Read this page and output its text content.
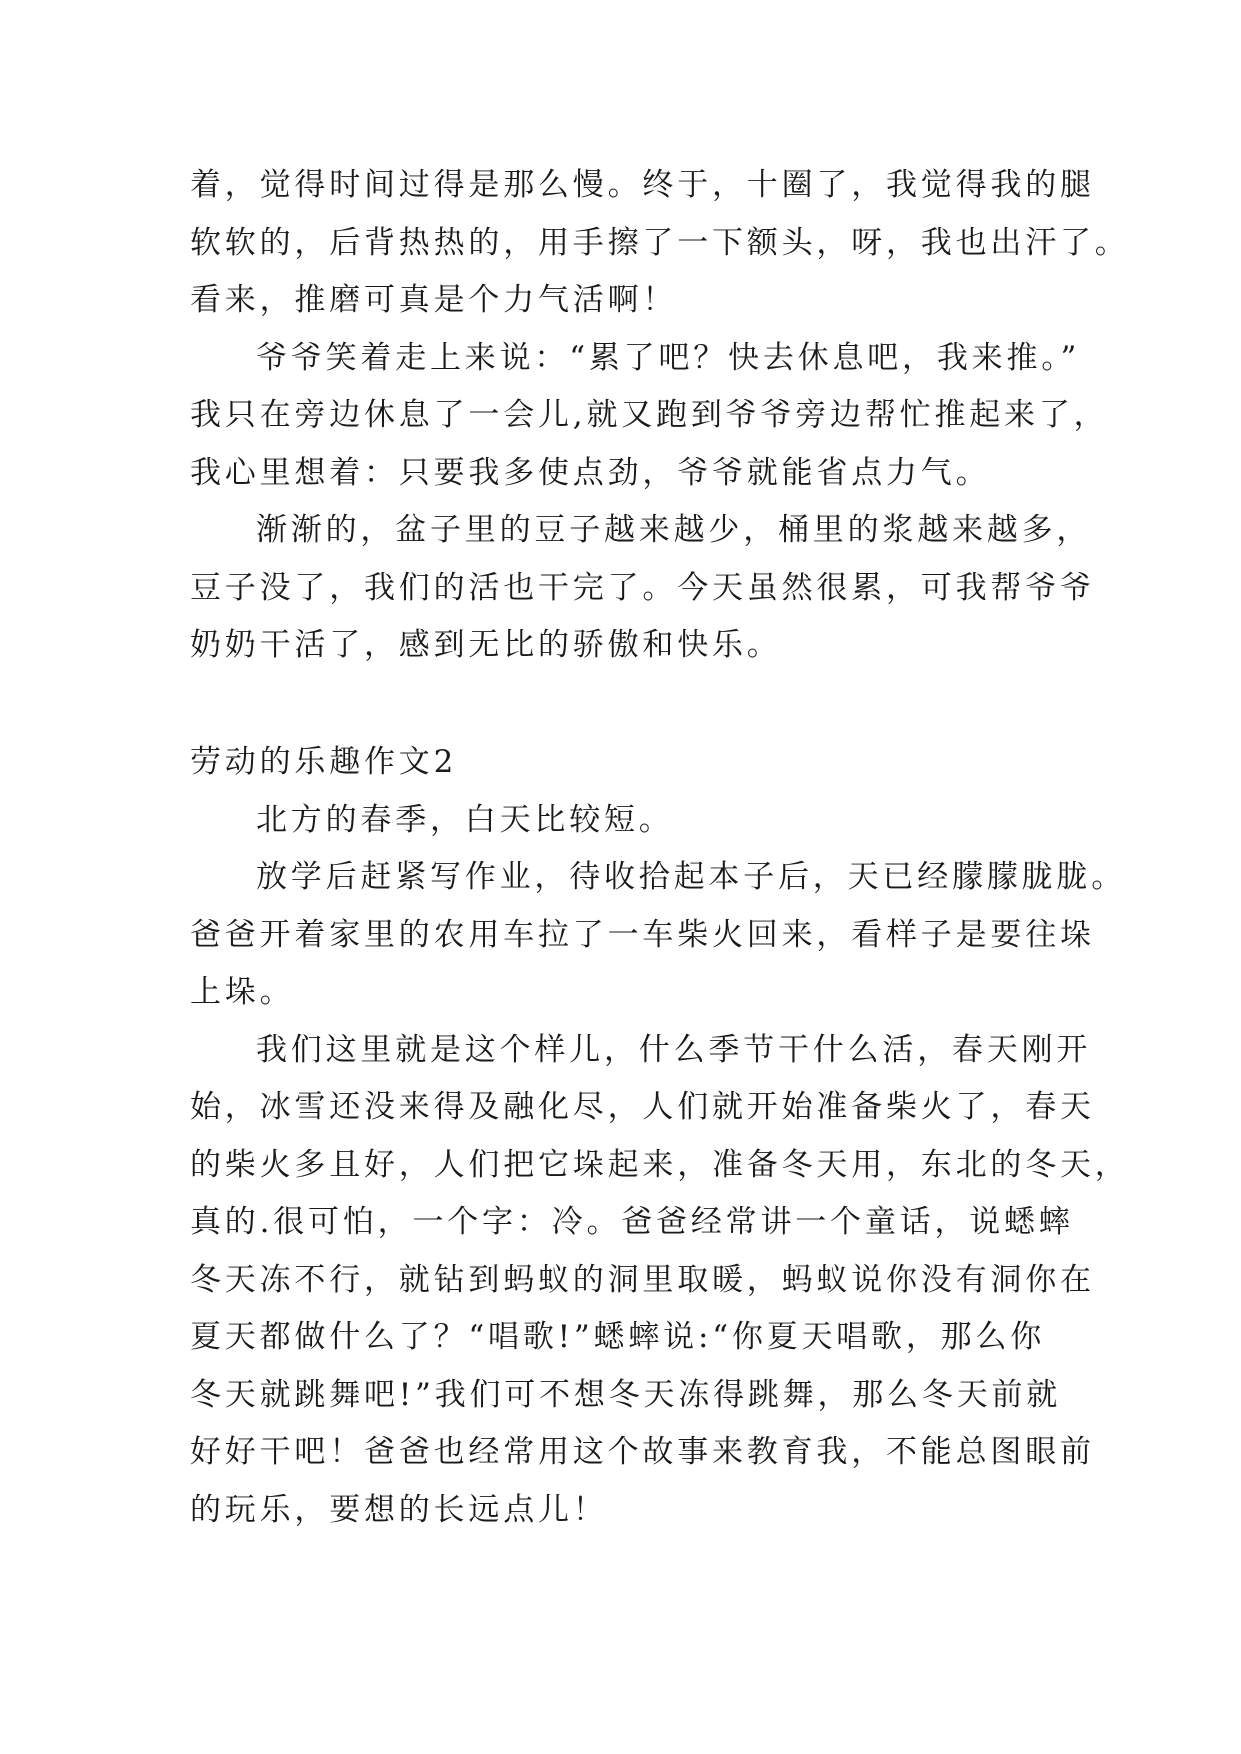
着，觉得时间过得是那么慢。终于，十圈了，我觉得我的腿
软软的，后背热热的，用手擦了一下额头，呀，我也出汗了。
看来，推磨可真是个力气活啊！

爷爷笑着走上来说：“累了吧？快去休息吧，我来推。”
我只在旁边休息了一会儿,就又跑到爷爷旁边帮忙推起来了，
我心里想着：只要我多使点劲，爷爷就能省点力气。

渐渐的，盆子里的豆子越来越少，桶里的浆越来越多，
豆子没了，我们的活也干完了。今天虽然很累，可我帮爷爷
奶奶干活了，感到无比的骄傲和快乐。

劳动的乐趣作文2

北方的春季，白天比较短。

放学后赶紧写作业，待收拾起本子后，天已经朦朦胧胧。
爸爸开着家里的农用车拉了一车柴火回来，看样子是要往垛
上垛。

我们这里就是这个样儿，什么季节干什么活，春天刚开
始，冰雪还没来得及融化尽，人们就开始准备柴火了，春天
的柴火多且好，人们把它垛起来，准备冬天用，东北的冬天，
真的.很可怕，一个字：冷。爸爸经常讲一个童话，说蟋蟀
冬天冻不行，就钻到蚂蚁的洞里取暖，蚂蚁说你没有洞你在
夏天都做什么了？“唱歌!”蟋蟀说:“你夏天唱歌，那么你
冬天就跳舞吧!”我们可不想冬天冻得跳舞，那么冬天前就
好好干吧！爸爸也经常用这个故事来教育我，不能总图眼前
的玩乐，要想的长远点儿！
